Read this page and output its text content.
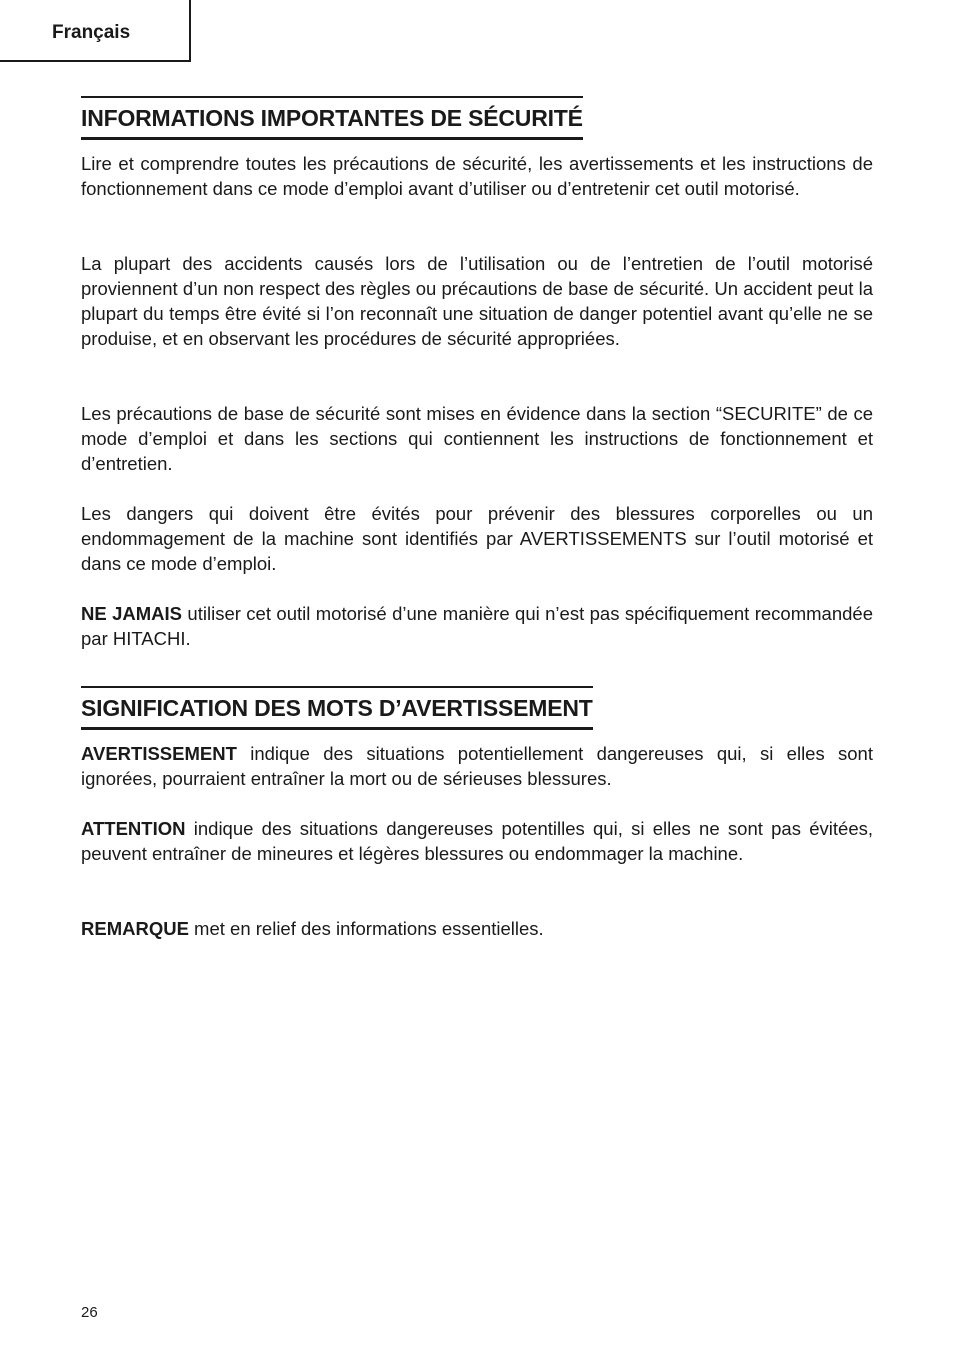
Français
INFORMATIONS IMPORTANTES DE SÉCURITÉ

Lire et comprendre toutes les précautions de sécurité, les avertissements et les instructions de fonctionnement dans ce mode d’emploi avant d’utiliser ou d’entretenir cet outil motorisé.

La plupart des accidents causés lors de l’utilisation ou de l’entretien de l’outil motorisé proviennent d’un non respect des règles ou précautions de base de sécurité. Un accident peut la plupart du temps être évité si l’on reconnaît une situation de danger potentiel avant qu’elle ne se produise, et en observant les procédures de sécurité appropriées.

Les précautions de base de sécurité sont mises en évidence dans la section “SECURITE” de ce mode d’emploi et dans les sections qui contiennent les instructions de fonctionnement et d’entretien.

Les dangers qui doivent être évités pour prévenir des blessures corporelles ou un endommagement de la machine sont identifiés par AVERTISSEMENTS sur l’outil motorisé et dans ce mode d’emploi.

NE JAMAIS utiliser cet outil motorisé d’une manière qui n’est pas spécifiquement recommandée par HITACHI.

SIGNIFICATION DES MOTS D’AVERTISSEMENT

AVERTISSEMENT indique des situations potentiellement dangereuses qui, si elles sont ignorées, pourraient entraîner la mort ou de sérieuses blessures.

ATTENTION indique des situations dangereuses potentilles qui, si elles ne sont pas évitées, peuvent entraîner de mineures et légères blessures ou endommager la machine.

REMARQUE met en relief des informations essentielles.

26
